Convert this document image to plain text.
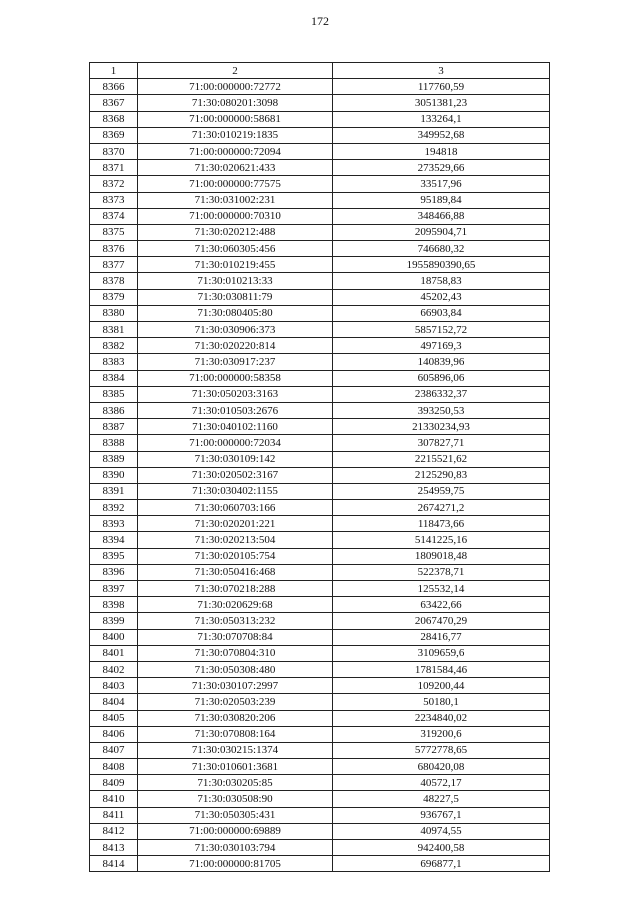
172
1	2	3
8366	71:00:000000:72772	117760,59
8367	71:30:080201:3098	3051381,23
8368	71:00:000000:58681	133264,1
8369	71:30:010219:1835	349952,68
8370	71:00:000000:72094	194818
8371	71:30:020621:433	273529,66
8372	71:00:000000:77575	33517,96
8373	71:30:031002:231	95189,84
8374	71:00:000000:70310	348466,88
8375	71:30:020212:488	2095904,71
8376	71:30:060305:456	746680,32
8377	71:30:010219:455	1955890390,65
8378	71:30:010213:33	18758,83
8379	71:30:030811:79	45202,43
8380	71:30:080405:80	66903,84
8381	71:30:030906:373	5857152,72
8382	71:30:020220:814	497169,3
8383	71:30:030917:237	140839,96
8384	71:00:000000:58358	605896,06
8385	71:30:050203:3163	2386332,37
8386	71:30:010503:2676	393250,53
8387	71:30:040102:1160	21330234,93
8388	71:00:000000:72034	307827,71
8389	71:30:030109:142	2215521,62
8390	71:30:020502:3167	2125290,83
8391	71:30:030402:1155	254959,75
8392	71:30:060703:166	2674271,2
8393	71:30:020201:221	118473,66
8394	71:30:020213:504	5141225,16
8395	71:30:020105:754	1809018,48
8396	71:30:050416:468	522378,71
8397	71:30:070218:288	125532,14
8398	71:30:020629:68	63422,66
8399	71:30:050313:232	2067470,29
8400	71:30:070708:84	28416,77
8401	71:30:070804:310	3109659,6
8402	71:30:050308:480	1781584,46
8403	71:30:030107:2997	109200,44
8404	71:30:020503:239	50180,1
8405	71:30:030820:206	2234840,02
8406	71:30:070808:164	319200,6
8407	71:30:030215:1374	5772778,65
8408	71:30:010601:3681	680420,08
8409	71:30:030205:85	40572,17
8410	71:30:030508:90	48227,5
8411	71:30:050305:431	936767,1
8412	71:00:000000:69889	40974,55
8413	71:30:030103:794	942400,58
8414	71:00:000000:81705	696877,1
